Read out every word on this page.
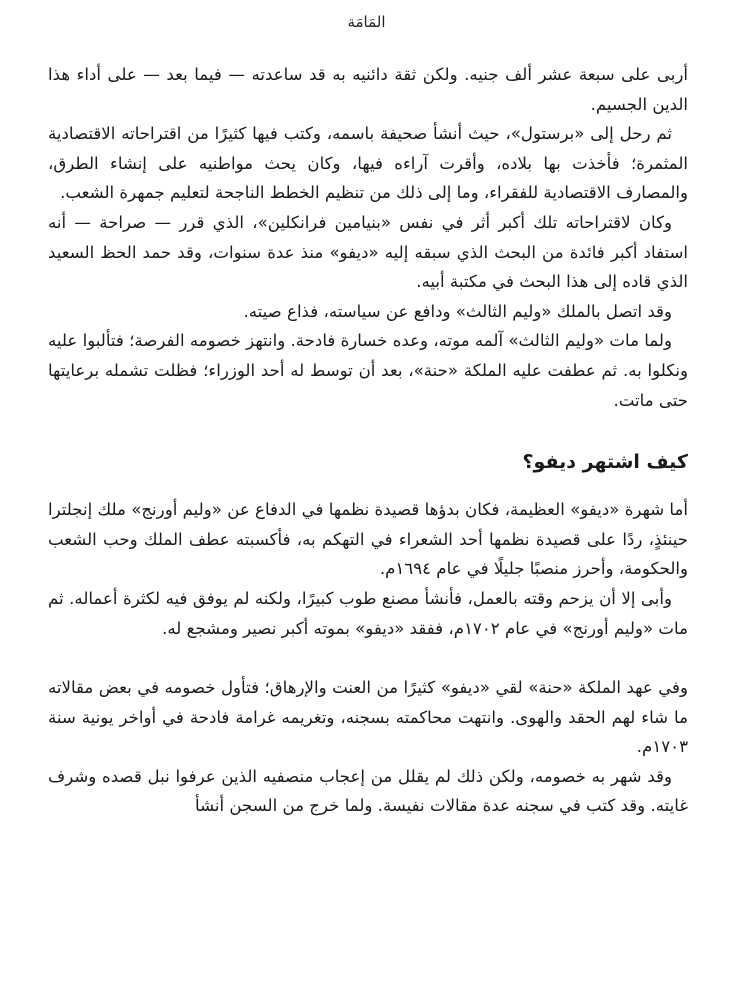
المَامَة

أربى على سبعة عشر ألف جنيه. ولكن ثقة دائنيه به قد ساعدته — فيما بعد — على أداء هذا الدين الجسيم.

ثم رحل إلى «برستول»، حيث أنشأ صحيفة باسمه، وكتب فيها كثيرًا من اقتراحاته الاقتصادية المثمرة؛ فأخذت بها بلاده، وأقرت آراءه فيها، وكان يحث مواطنيه على إنشاء الطرق، والمصارف الاقتصادية للفقراء، وما إلى ذلك من تنظيم الخطط الناجحة لتعليم جمهرة الشعب.

وكان لاقتراحاته تلك أكبر أثر في نفس «بنيامين فرانكلين»، الذي قرر — صراحة — أنه استفاد أكبر فائدة من البحث الذي سبقه إليه «ديفو» منذ عدة سنوات، وقد حمد الحظ السعيد الذي قاده إلى هذا البحث في مكتبة أبيه.

وقد اتصل بالملك «وليم الثالث» ودافع عن سياسته، فذاع صيته.

ولما مات «وليم الثالث» آلمه موته، وعده خسارة فادحة. وانتهز خصومه الفرصة؛ فتألبوا عليه ونكلوا به. ثم عطفت عليه الملكة «حنة»، بعد أن توسط له أحد الوزراء؛ فظلت تشمله برعايتها حتى ماتت.

كيف اشتهر ديفو؟

أما شهرة «ديفو» العظيمة، فكان بدؤها قصيدة نظمها في الدفاع عن «وليم أورنج» ملك إنجلترا حينئذٍ، ردًا على قصيدة نظمها أحد الشعراء في التهكم به، فأكسبته عطف الملك وحب الشعب والحكومة، وأحرز منصبًا جليلًا في عام ١٦٩٤م.

وأبى إلا أن يزحم وقته بالعمل، فأنشأ مصنع طوب كبيرًا، ولكنه لم يوفق فيه لكثرة أعماله. ثم مات «وليم أورنج» في عام ١٧٠٢م، ففقد «ديفو» بموته أكبر نصير ومشجع له.

وفي عهد الملكة «حنة» لقي «ديفو» كثيرًا من العنت والإرهاق؛ فتأول خصومه في بعض مقالاته ما شاء لهم الحقد والهوى. وانتهت محاكمته بسجنه، وتغريمه غرامة فادحة في أواخر يونية سنة ١٧٠٣م.

وقد شهر به خصومه، ولكن ذلك لم يقلل من إعجاب منصفيه الذين عرفوا نبل قصده وشرف غايته. وقد كتب في سجنه عدة مقالات نفيسة. ولما خرج من السجن أنشأ
